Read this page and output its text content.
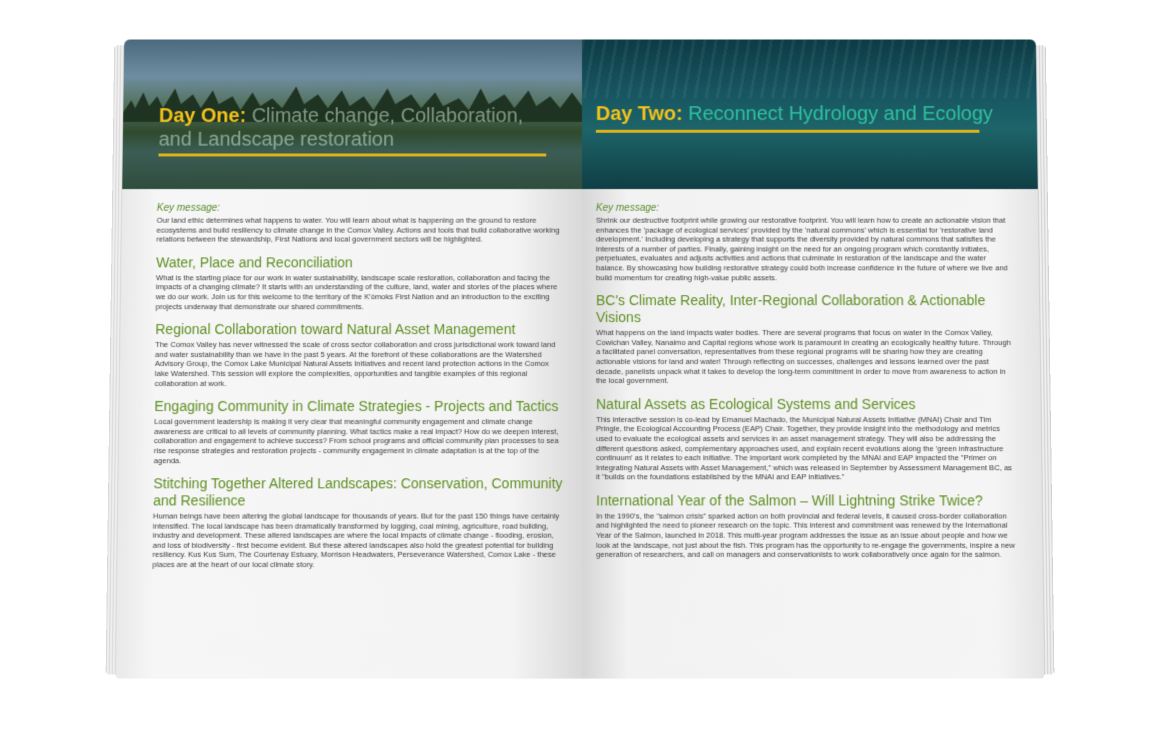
Day One: Climate change, Collaboration, and Landscape restoration
Key message:

Our land ethic determines what happens to water. You will learn about what is happening on the ground to restore ecosystems and build resiliency to climate change in the Comox Valley. Actions and tools that build collaborative working relations between the stewardship, First Nations and local government sectors will be highlighted.

Water, Place and Reconciliation

What is the starting place for our work in water sustainability, landscape scale restoration, collaboration and facing the impacts of a changing climate? It starts with an understanding of the culture, land, water and stories of the places where we do our work. Join us for this welcome to the territory of the K'ómoks First Nation and an introduction to the exciting projects underway that demonstrate our shared commitments.

Regional Collaboration toward Natural Asset Management

The Comox Valley has never witnessed the scale of cross sector collaboration and cross jurisdictional work toward land and water sustainability than we have in the past 5 years. At the forefront of these collaborations are the Watershed Advisory Group, the Comox Lake Municipal Natural Assets Initiatives and recent land protection actions in the Comox lake Watershed. This session will explore the complexities, opportunities and tangible examples of this regional collaboration at work.

Engaging Community in Climate Strategies - Projects and Tactics

Local government leadership is making it very clear that meaningful community engagement and climate change awareness are critical to all levels of community planning. What tactics make a real impact? How do we deepen interest, collaboration and engagement to achieve success? From school programs and official community plan processes to sea rise response strategies and restoration projects - community engagement in climate adaptation is at the top of the agenda.

Stitching Together Altered Landscapes: Conservation, Community and Resilience

Human beings have been altering the global landscape for thousands of years. But for the past 150 things have certainly intensified. The local landscape has been dramatically transformed by logging, coal mining, agriculture, road building, industry and development. These altered landscapes are where the local impacts of climate change - flooding, erosion, and loss of biodiversity - first become evident. But these altered landscapes also hold the greatest potential for building resiliency. Kus Kus Sum, The Courtenay Estuary, Morrison Headwaters, Perseverance Watershed, Comox Lake - these places are at the heart of our local climate story.

Day Two: Reconnect Hydrology and Ecology
Key message:

Shrink our destructive footprint while growing our restorative footprint. You will learn how to create an actionable vision that enhances the 'package of ecological services' provided by the 'natural commons' which is essential for 'restorative land development.' Including developing a strategy that supports the diversity provided by natural commons that satisfies the interests of a number of parties. Finally, gaining insight on the need for an ongoing program which constantly initiates, perpetuates, evaluates and adjusts activities and actions that culminate in restoration of the landscape and the water balance. By showcasing how building restorative strategy could both increase confidence in the future of where we live and build momentum for creating high-value public assets.

BC's Climate Reality, Inter-Regional Collaboration & Actionable Visions

What happens on the land impacts water bodies. There are several programs that focus on water in the Comox Valley, Cowichan Valley, Nanaimo and Capital regions whose work is paramount in creating an ecologically healthy future. Through a facilitated panel conversation, representatives from these regional programs will be sharing how they are creating actionable visions for land and water! Through reflecting on successes, challenges and lessons learned over the past decade, panelists unpack what it takes to develop the long-term commitment in order to move from awareness to action in the local government.

Natural Assets as Ecological Systems and Services

This interactive session is co-lead by Emanuel Machado, the Municipal Natural Assets Initiative (MNAI) Chair and Tim Pringle, the Ecological Accounting Process (EAP) Chair. Together, they provide insight into the methodology and metrics used to evaluate the ecological assets and services in an asset management strategy. They will also be addressing the different questions asked, complementary approaches used, and explain recent evolutions along the 'green infrastructure continuum' as it relates to each initiative. The important work completed by the MNAI and EAP impacted the "Primer on Integrating Natural Assets with Asset Management," which was released in September by Assessment Management BC, as it "builds on the foundations established by the MNAI and EAP initiatives."

International Year of the Salmon – Will Lightning Strike Twice?

In the 1990's, the "salmon crisis" sparked action on both provincial and federal levels, it caused cross-border collaboration and highlighted the need to pioneer research on the topic. This interest and commitment was renewed by the International Year of the Salmon, launched in 2018. This multi-year program addresses the issue as an issue about people and how we look at the landscape, not just about the fish. This program has the opportunity to re-engage the governments, inspire a new generation of researchers, and call on managers and conservationists to work collaboratively once again for the salmon.
